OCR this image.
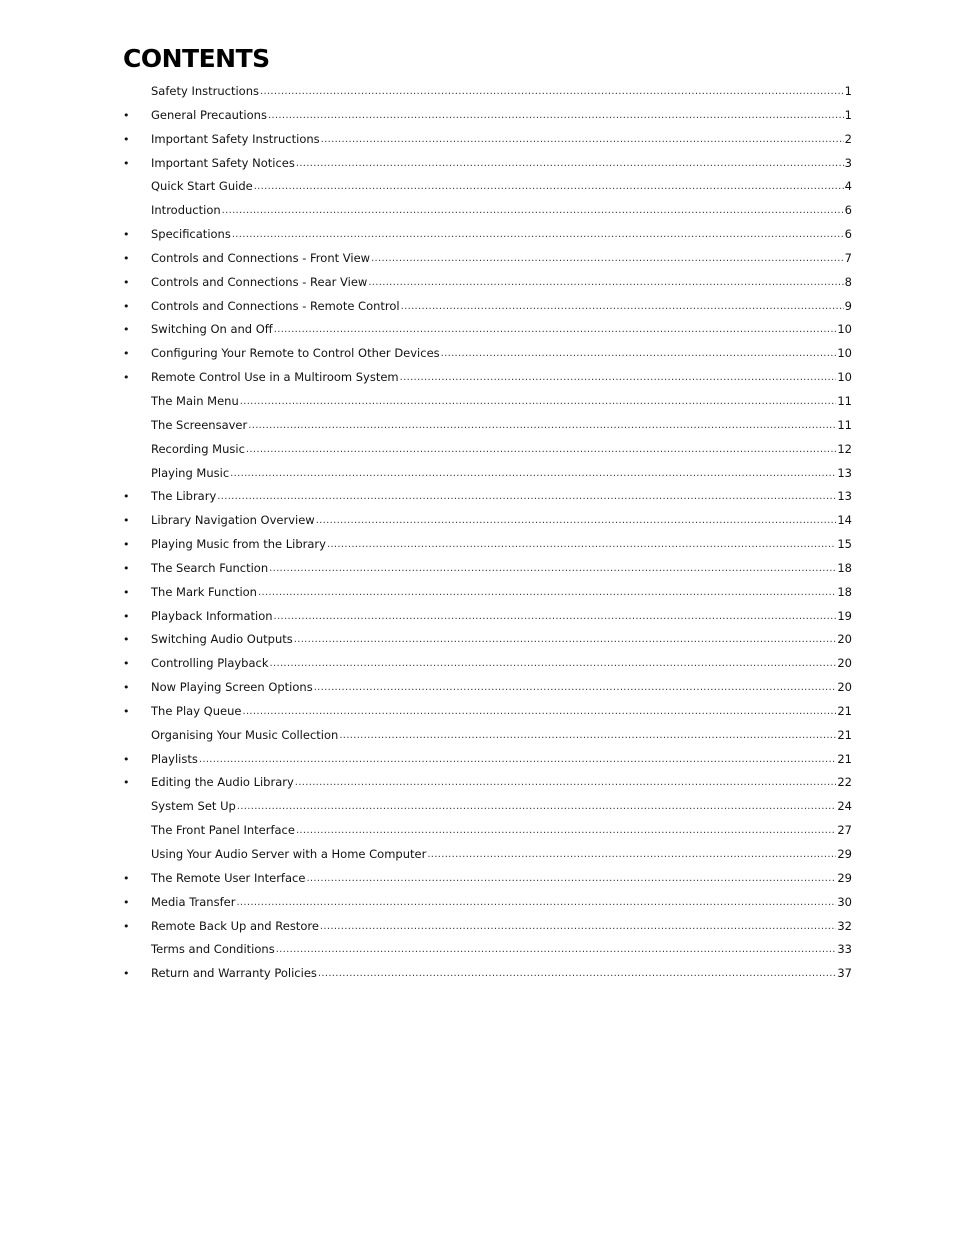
CONTENTS
Safety Instructions .....	1
•	General Precautions .....	1
•	Important Safety Instructions .....	2
•	Important Safety Notices .....	3
Quick Start Guide .....	4
Introduction .....	6
•	Specifications .....	6
•	Controls and Connections - Front View .....	7
•	Controls and Connections - Rear View .....	8
•	Controls and Connections - Remote Control .....	9
•	Switching On and Off .....	10
•	Configuring Your Remote to Control Other Devices .....	10
•	Remote Control Use in a Multiroom System .....	10
The Main Menu .....	11
The Screensaver .....	11
Recording Music .....	12
Playing Music .....	13
•	The Library .....	13
•	Library Navigation Overview .....	14
•	Playing Music from the Library .....	15
•	The Search Function .....	18
•	The Mark Function .....	18
•	Playback Information .....	19
•	Switching Audio Outputs .....	20
•	Controlling Playback .....	20
•	Now Playing Screen Options .....	20
•	The Play Queue .....	21
Organising Your Music Collection .....	21
•	Playlists .....	21
•	Editing the Audio Library .....	22
System Set Up .....	24
The Front Panel Interface .....	27
Using Your Audio Server with a Home Computer .....	29
•	The Remote User Interface .....	29
•	Media Transfer .....	30
•	Remote Back Up and Restore .....	32
Terms and Conditions .....	33
•	Return and Warranty Policies .....	37
